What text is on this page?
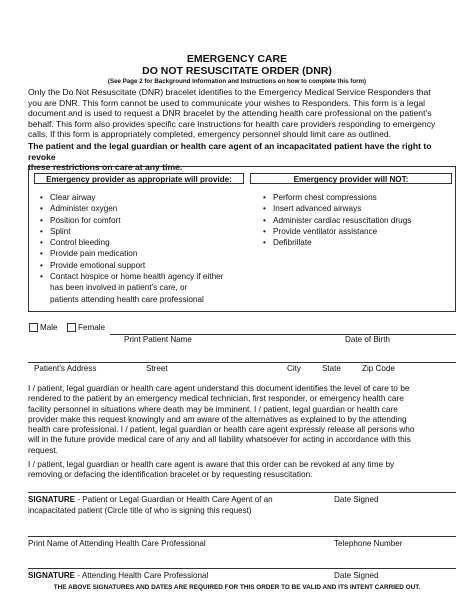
EMERGENCY CARE
DO NOT RESUSCITATE ORDER (DNR)
(See Page 2 for Background Information and Instructions on how to complete this form)
Only the Do Not Resuscitate (DNR) bracelet identifies to the Emergency Medical Service Responders that
you are DNR. This form cannot be used to communicate your wishes to Responders. This form is a legal
document and is used to request a DNR bracelet by the attending health care professional on the patient’s
behalf. This form also provides specific care instructions for health care providers responding to emergency
calls. If this form is appropriately completed, emergency personnel should limit care as outlined.
The patient and the legal guardian or health care agent of an incapacitated patient have the right to revoke
these restrictions on care at any time.
Emergency provider as appropriate will provide:	Emergency provider will NOT:
• Clear airway
• Administer oxygen
• Position for comfort
• Splint
• Control bleeding
• Provide pain medication
• Provide emotional support
• Contact hospice or home health agency if either
has been involved in patient’s care, or
patients attending health care professional
• Perform chest compressions
• Insert advanced airways
• Administer cardiac resuscitation drugs
• Provide ventilator assistance
• Defibrillate
Male	Female
Print Patient Name	Date of Birth
Patient’s Address	Street	City	State	Zip Code
I / patient, legal guardian or health care agent understand this document identifies the level of care to be
rendered to the patient by an emergency medical technician, first responder, or emergency health care
facility personnel in situations where death may be imminent. I / patient, legal guardian or health care
provider make this request knowingly and am aware of the alternatives as explained to by the attending
health care professional. I / patient, legal guardian or health care agent expressly release all persons who
will in the future provide medical care of any and all liability whatsoever for acting in accordance with this
request.
I / patient, legal guardian or health care agent is aware that this order can be revoked at any time by
removing or defacing the identification bracelet or by requesting resuscitation.
SIGNATURE - Patient or Legal Guardian or Health Care Agent of an
incapacitated patient (Circle title of who is signing this request)
Date Signed
Print Name of Attending Health Care Professional	Telephone Number
SIGNATURE - Attending Health Care Professional	Date Signed
THE ABOVE SIGNATURES AND DATES ARE REQUIRED FOR THIS ORDER TO BE VALID AND ITS INTENT CARRIED OUT.
